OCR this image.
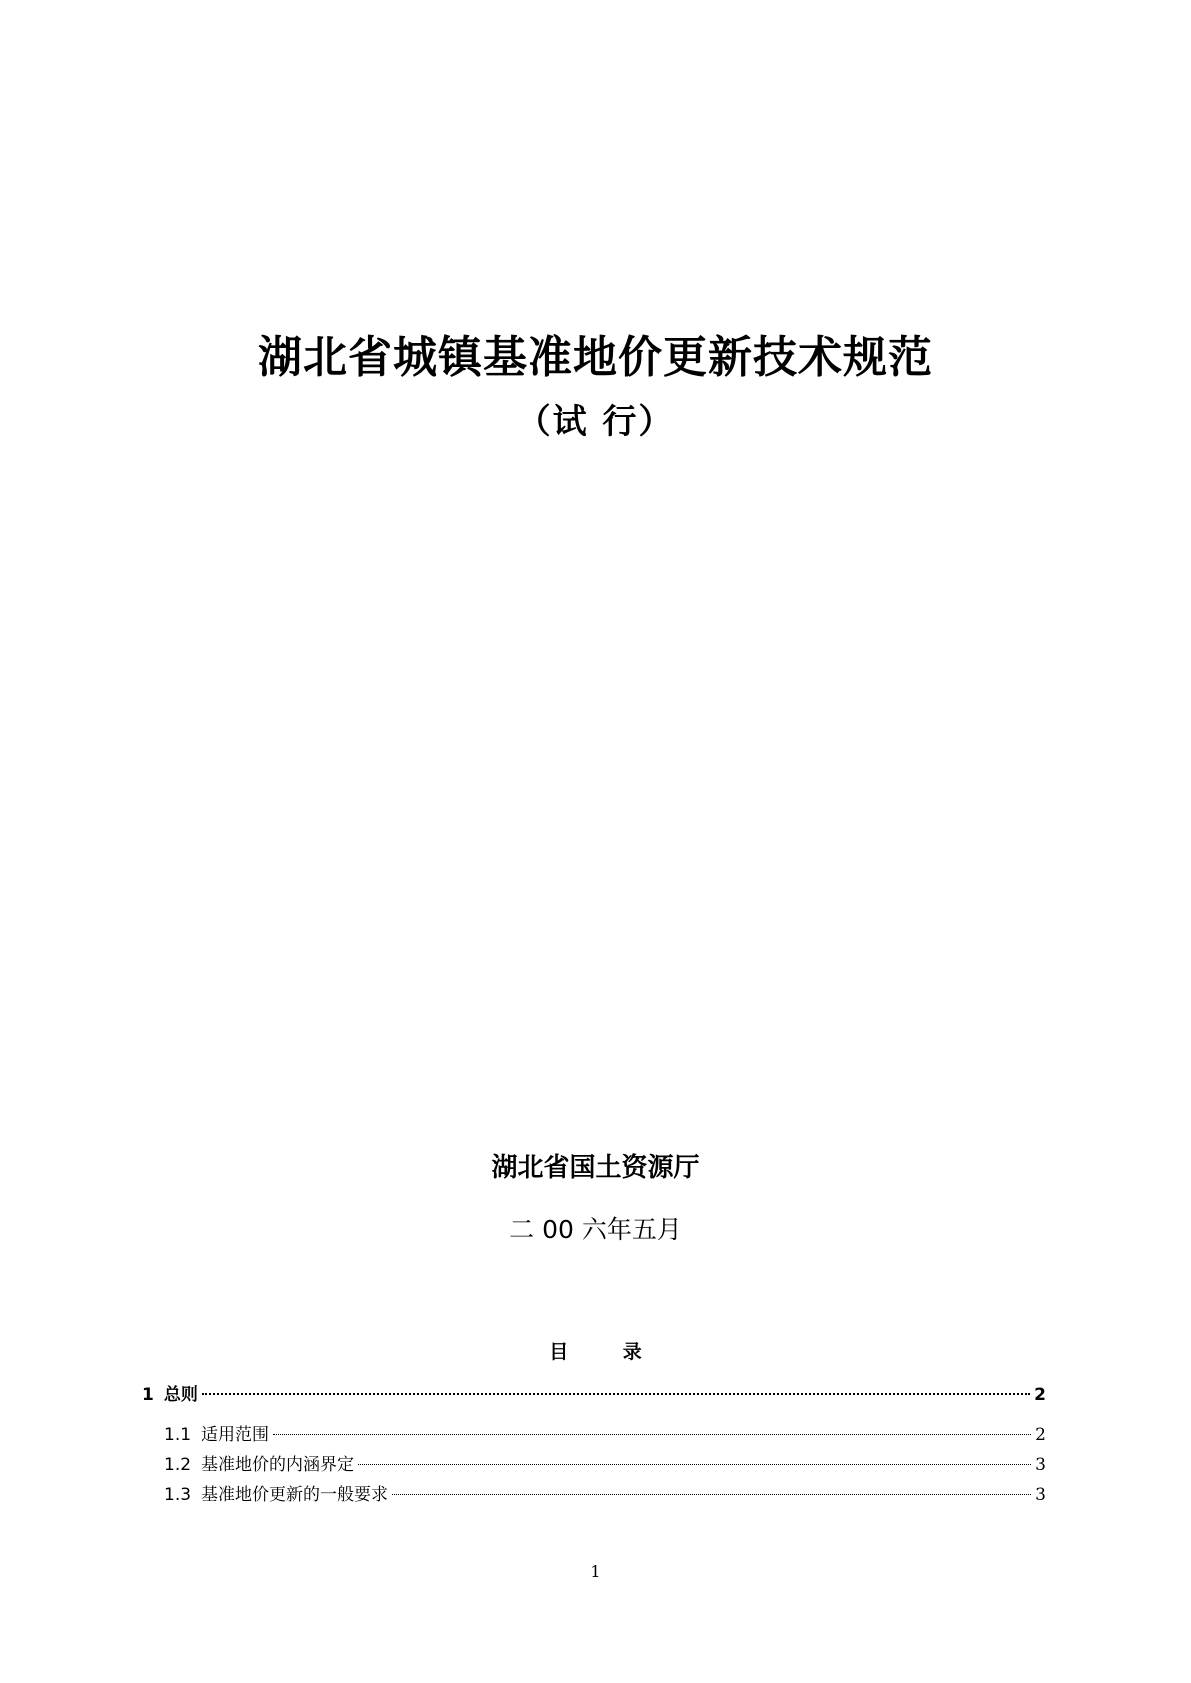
湖北省城镇基准地价更新技术规范
（试 行）
湖北省国土资源厅
二 00 六年五月
目 录
1 总则	2
1.1 适用范围	2
1.2 基准地价的内涵界定	3
1.3 基准地价更新的一般要求	3
1
